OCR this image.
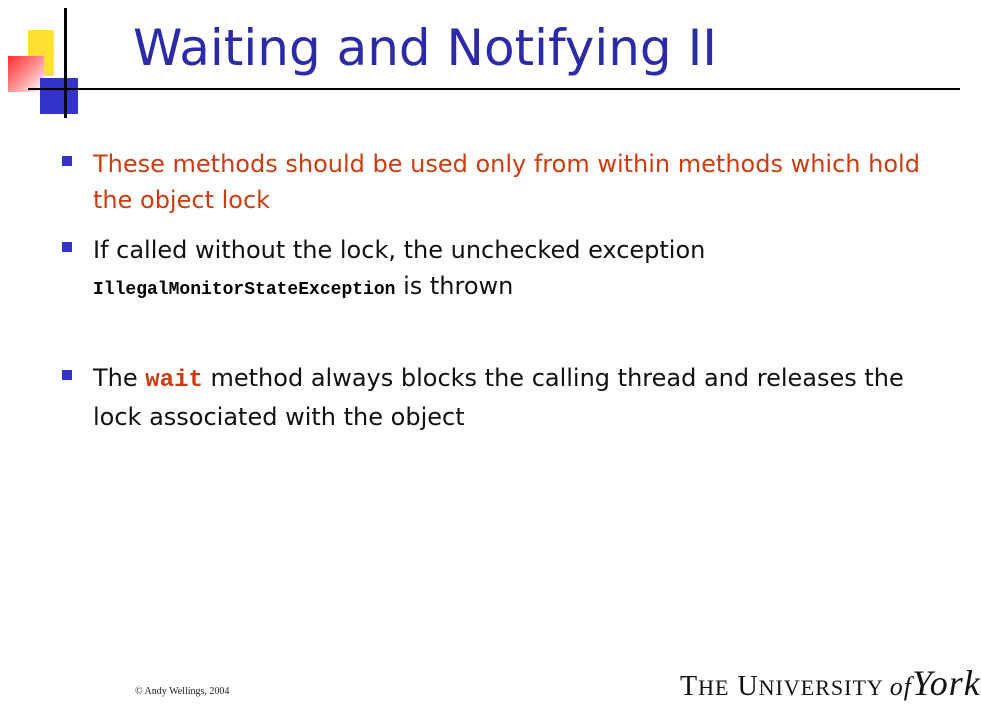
Waiting and Notifying II
These methods should be used only from within methods which hold the object lock
If called without the lock, the unchecked exception
IllegalMonitorStateException is thrown
The wait method always blocks the calling thread and releases the lock associated with the object
© Andy Wellings, 2004	THE UNIVERSITY ofYork
